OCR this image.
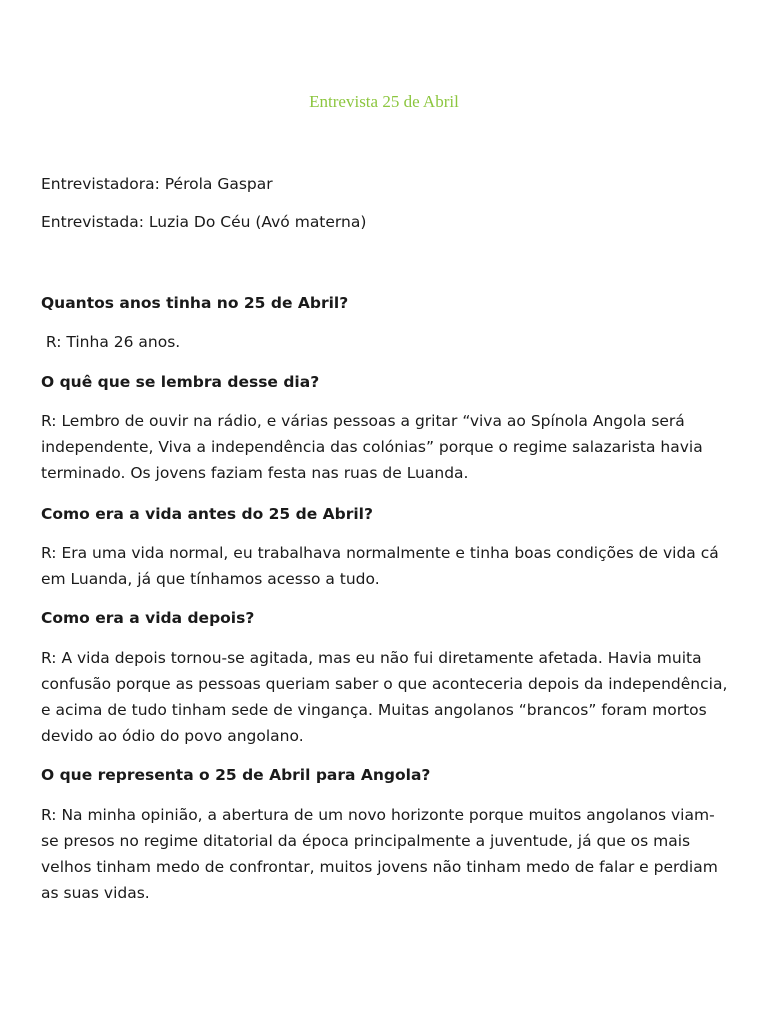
Entrevista 25 de Abril
Entrevistadora: Pérola Gaspar
Entrevistada: Luzia Do Céu (Avó materna)
Quantos anos tinha no 25 de Abril?
R: Tinha 26 anos.
O quê que se lembra desse dia?
R: Lembro de ouvir na rádio, e várias pessoas a gritar “viva ao Spínola Angola será independente, Viva a independência das colónias” porque o regime salazarista havia terminado. Os jovens faziam festa nas ruas de Luanda.
Como era a vida antes do 25 de Abril?
R: Era uma vida normal, eu trabalhava normalmente e tinha boas condições de vida cá em Luanda, já que tínhamos acesso a tudo.
Como era a vida depois?
R: A vida depois tornou-se agitada, mas eu não fui diretamente afetada. Havia muita confusão porque as pessoas queriam saber o que aconteceria depois da independência, e acima de tudo tinham sede de vingança. Muitas angolanos “brancos” foram mortos devido ao ódio do povo angolano.
O que representa o 25 de Abril para Angola?
R: Na minha opinião, a abertura de um novo horizonte porque muitos angolanos viam-se presos no regime ditatorial da época principalmente a juventude, já que os mais velhos tinham medo de confrontar, muitos jovens não tinham medo de falar e perdiam as suas vidas.
